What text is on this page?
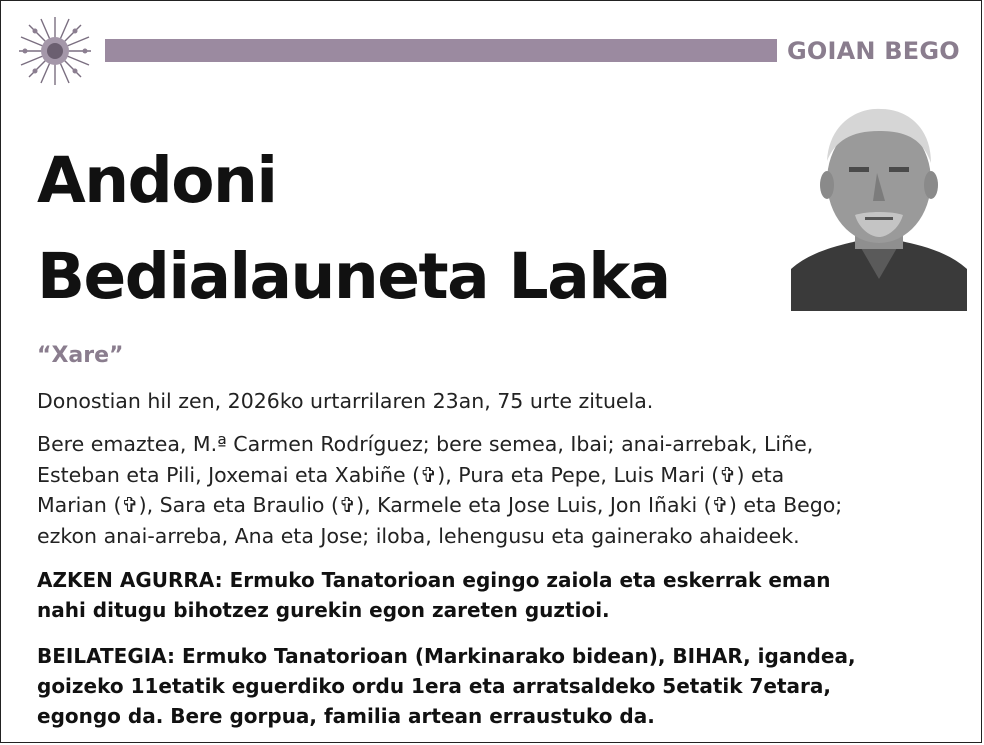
GOIAN BEGO
Andoni
Bedialauneta Laka
“Xare”
Donostian hil zen, 2026ko urtarrilaren 23an, 75 urte zituela.
Bere emaztea, M.ª Carmen Rodríguez; bere semea, Ibai; anai-arrebak, Liñe,
Esteban eta Pili, Joxemai eta Xabiñe (✞), Pura eta Pepe, Luis Mari (✞) eta
Marian (✞), Sara eta Braulio (✞), Karmele eta Jose Luis, Jon Iñaki (✞) eta Bego;
ezkon anai-arreba, Ana eta Jose; iloba, lehengusu eta gainerako ahaideek.
AZKEN AGURRA: Ermuko Tanatorioan egingo zaiola eta eskerrak eman
nahi ditugu bihotzez gurekin egon zareten guztioi.
BEILATEGIA: Ermuko Tanatorioan (Markinarako bidean), BIHAR, igandea,
goizeko 11etatik eguerdiko ordu 1era eta arratsaldeko 5etatik 7etara,
egongo da. Bere gorpua, familia artean erraustuko da.
